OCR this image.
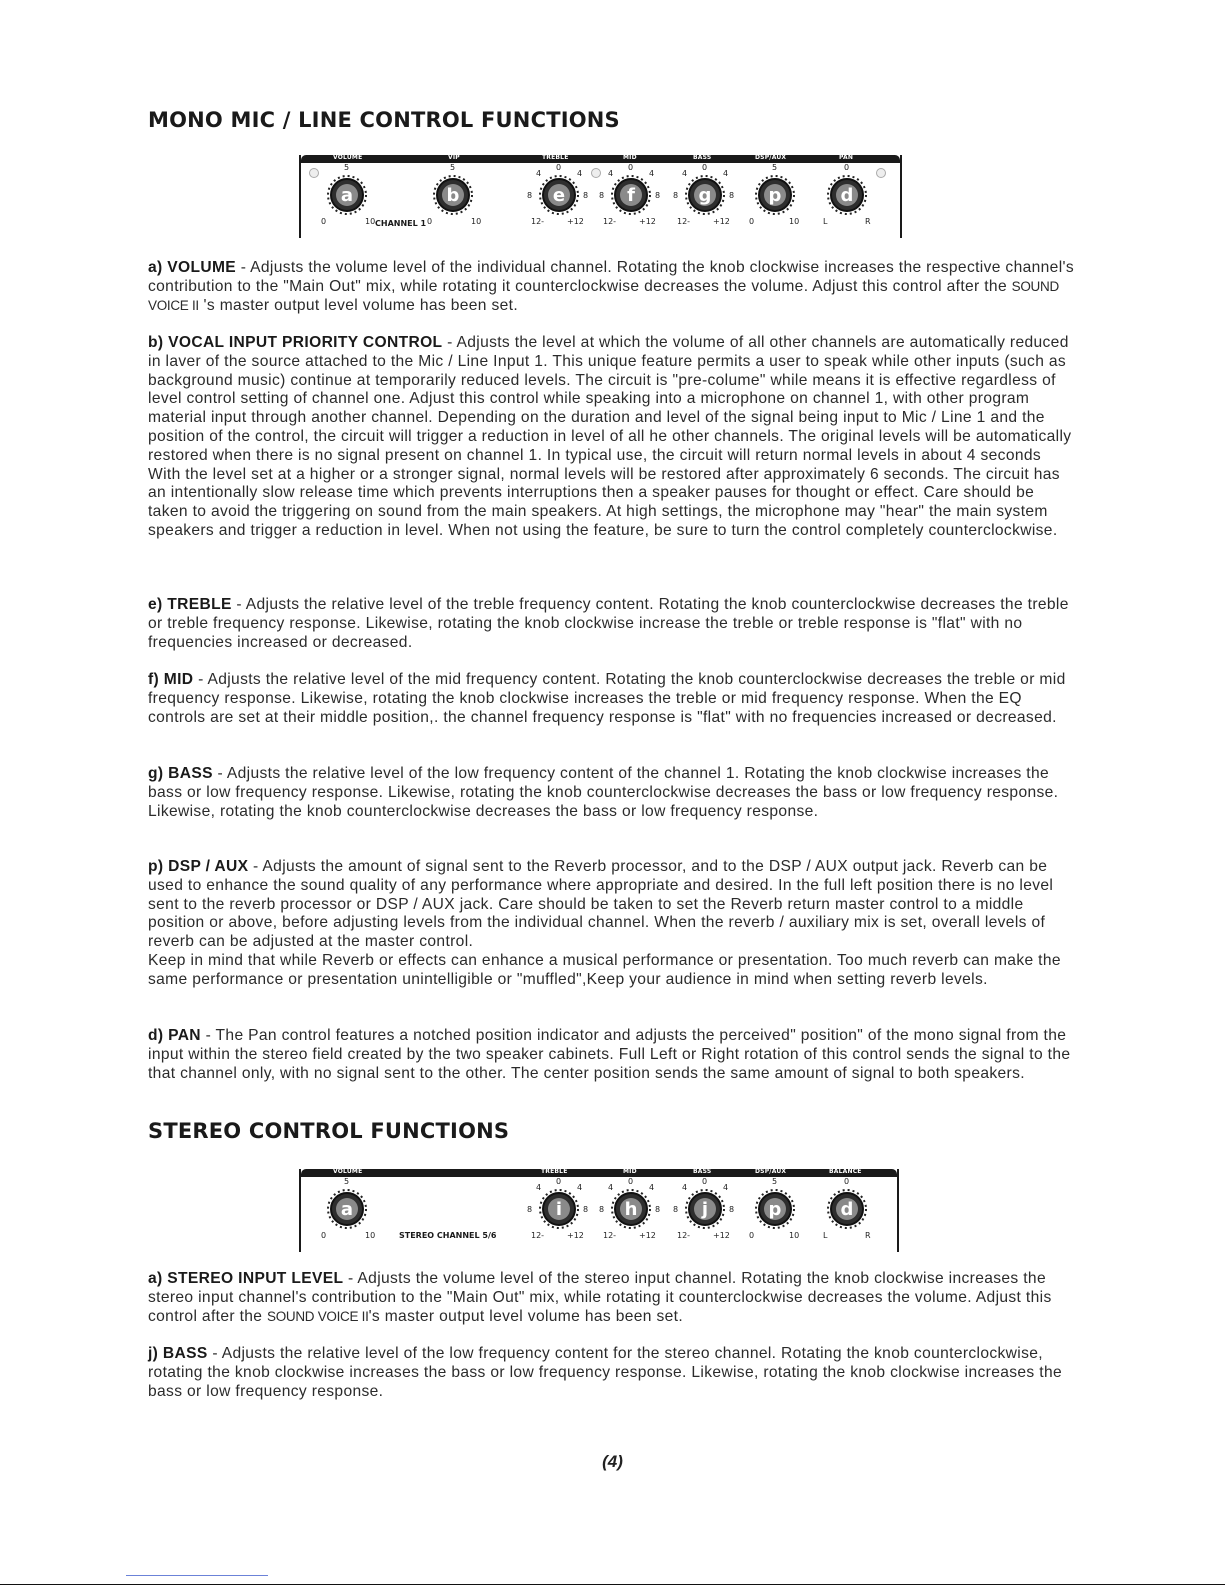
MONO MIC / LINE CONTROL FUNCTIONS
VOLUME	VIP	TREBLE	MID	BASS	DSP/AUX	PAN
a
5
0	10 CHANNEL 1
b
5
0	10
e
0
4	4
8	8
12-	+12
f
0
4	4
8	8
12-	+12
g
0
4	4
8	8
12-	+12
p
5
0	10
d
0
L	R

a) VOLUME - Adjusts the volume level of the individual channel. Rotating the knob clockwise increases the respective channel's contribution to the "Main Out" mix, while rotating it counterclockwise decreases the volume. Adjust this control after the SOUND VOICE II 's master output level volume has been set.

b) VOCAL INPUT PRIORITY CONTROL - Adjusts the level at which the volume of all other channels are automatically reduced in laver of the source attached to the Mic / Line Input 1. This unique feature permits a user to speak while other inputs (such as background music) continue at temporarily reduced levels. The circuit is "pre-colume" while means it is effective regardless of level control setting of channel one. Adjust this control while speaking into a microphone on channel 1, with other program material input through another channel. Depending on the duration and level of the signal being input to Mic / Line 1 and the position of the control, the circuit will trigger a reduction in level of all he other channels. The original levels will be automatically restored when there is no signal present on channel 1. In typical use, the circuit will return normal levels in about 4 seconds With the level set at a higher or a stronger signal, normal levels will be restored after approximately 6 seconds. The circuit has an intentionally slow release time which prevents interruptions then a speaker pauses for thought or effect. Care should be taken to avoid the triggering on sound from the main speakers. At high settings, the microphone may "hear" the main system speakers and trigger a reduction in level. When not using the feature, be sure to turn the control completely counterclockwise.

e) TREBLE - Adjusts the relative level of the treble frequency content. Rotating the knob counterclockwise decreases the treble or treble frequency response. Likewise, rotating the knob clockwise increase the treble or treble response is "flat" with no frequencies increased or decreased.

f) MID - Adjusts the relative level of the mid frequency content. Rotating the knob counterclockwise decreases the treble or mid frequency response. Likewise, rotating the knob clockwise increases the treble or mid frequency response. When the EQ controls are set at their middle position,. the channel frequency response is "flat" with no frequencies increased or decreased.

g) BASS - Adjusts the relative level of the low frequency content of the channel 1. Rotating the knob clockwise increases the bass or low frequency response. Likewise, rotating the knob counterclockwise decreases the bass or low frequency response. Likewise, rotating the knob counterclockwise decreases the bass or low frequency response.

p) DSP / AUX - Adjusts the amount of signal sent to the Reverb processor, and to the DSP / AUX output jack. Reverb can be used to enhance the sound quality of any performance where appropriate and desired. In the full left position there is no level sent to the reverb processor or DSP / AUX jack. Care should be taken to set the Reverb return master control to a middle position or above, before adjusting levels from the individual channel. When the reverb / auxiliary mix is set, overall levels of reverb can be adjusted at the master control.
Keep in mind that while Reverb or effects can enhance a musical performance or presentation. Too much reverb can make the same performance or presentation unintelligible or "muffled",Keep your audience in mind when setting reverb levels.

d) PAN - The Pan control features a notched position indicator and adjusts the perceived" position" of the mono signal from the input within the stereo field created by the two speaker cabinets. Full Left or Right rotation of this control sends the signal to the that channel only, with no signal sent to the other. The center position sends the same amount of signal to both speakers.

STEREO CONTROL FUNCTIONS
VOLUME	TREBLE	MID	BASS	DSP/AUX	BALANCE
a
5
0	10	STEREO CHANNEL 5/6
i
0
4	4
8	8
12-	+12
h
0
4	4
8	8
12-	+12
j
0
4	4
8	8
12-	+12
p
5
0	10
d
0
L	R

a) STEREO INPUT LEVEL - Adjusts the volume level of the stereo input channel. Rotating the knob clockwise increases the stereo input channel's contribution to the "Main Out" mix, while rotating it counterclockwise decreases the volume. Adjust this control after the SOUND VOICE II's master output level volume has been set.

j) BASS - Adjusts the relative level of the low frequency content for the stereo channel. Rotating the knob counterclockwise, rotating the knob clockwise increases the bass or low frequency response. Likewise, rotating the knob clockwise increases the bass or low frequency response.

(4)
